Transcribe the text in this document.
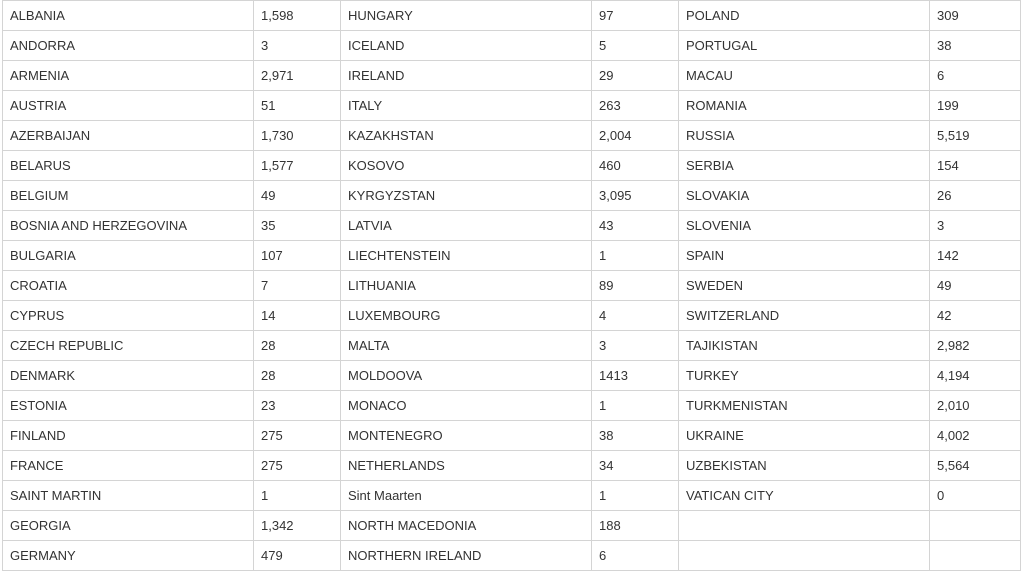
ALBANIA	1,598	HUNGARY	97	POLAND	309
ANDORRA	3	ICELAND	5	PORTUGAL	38
ARMENIA	2,971	IRELAND	29	MACAU	6
AUSTRIA	51	ITALY	263	ROMANIA	199
AZERBAIJAN	1,730	KAZAKHSTAN	2,004	RUSSIA	5,519
BELARUS	1,577	KOSOVO	460	SERBIA	154
BELGIUM	49	KYRGYZSTAN	3,095	SLOVAKIA	26
BOSNIA AND HERZEGOVINA	35	LATVIA	43	SLOVENIA	3
BULGARIA	107	LIECHTENSTEIN	1	SPAIN	142
CROATIA	7	LITHUANIA	89	SWEDEN	49
CYPRUS	14	LUXEMBOURG	4	SWITZERLAND	42
CZECH REPUBLIC	28	MALTA	3	TAJIKISTAN	2,982
DENMARK	28	MOLDOOVA	1413	TURKEY	4,194
ESTONIA	23	MONACO	1	TURKMENISTAN	2,010
FINLAND	275	MONTENEGRO	38	UKRAINE	4,002
FRANCE	275	NETHERLANDS	34	UZBEKISTAN	5,564
SAINT MARTIN	1	Sint Maarten	1	VATICAN CITY	0
GEORGIA	1,342	NORTH MACEDONIA	188		
GERMANY	479	NORTHERN IRELAND	6		
